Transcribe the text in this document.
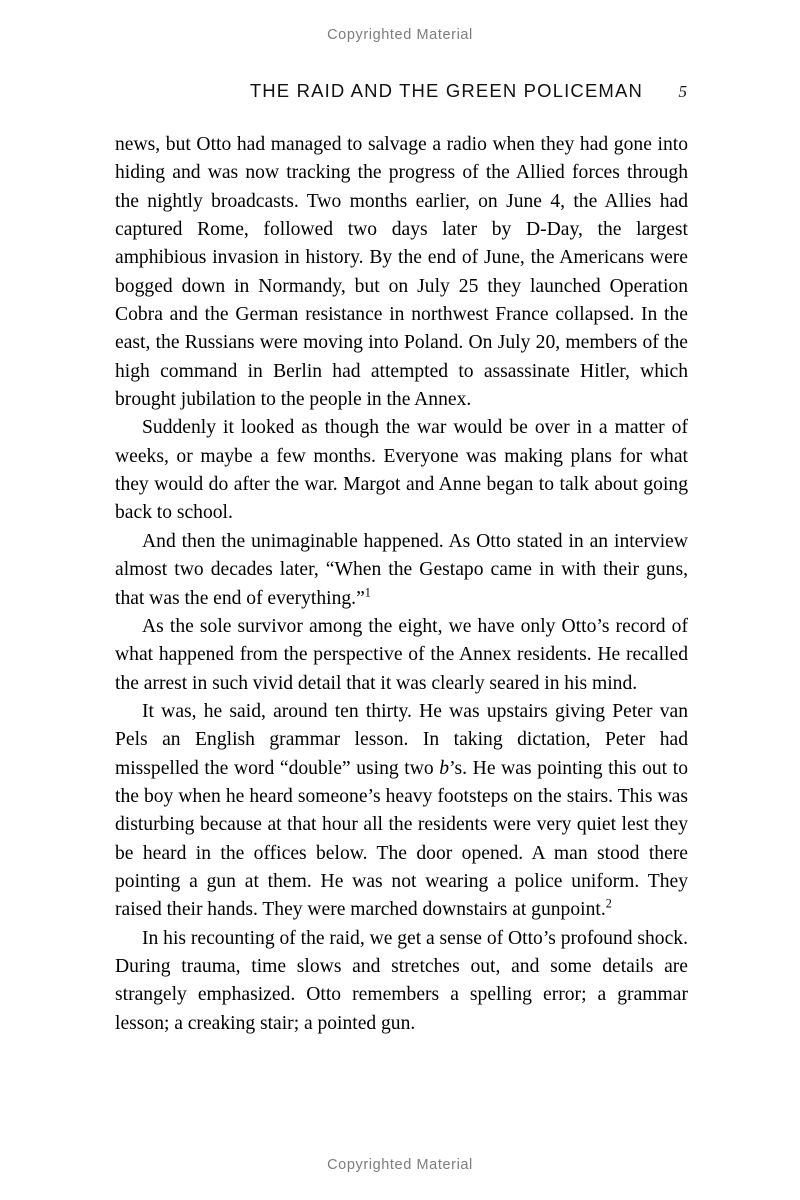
Copyrighted Material
THE RAID AND THE GREEN POLICEMAN 5

news, but Otto had managed to salvage a radio when they had gone into hiding and was now tracking the progress of the Allied forces through the nightly broadcasts. Two months earlier, on June 4, the Allies had captured Rome, followed two days later by D-Day, the largest amphibious invasion in history. By the end of June, the Americans were bogged down in Normandy, but on July 25 they launched Operation Cobra and the German resistance in northwest France collapsed. In the east, the Russians were moving into Poland. On July 20, members of the high command in Berlin had attempted to assassinate Hitler, which brought jubilation to the people in the Annex.

Suddenly it looked as though the war would be over in a matter of weeks, or maybe a few months. Everyone was making plans for what they would do after the war. Margot and Anne began to talk about going back to school.

And then the unimaginable happened. As Otto stated in an interview almost two decades later, “When the Gestapo came in with their guns, that was the end of everything.”$^1$

As the sole survivor among the eight, we have only Otto’s record of what happened from the perspective of the Annex residents. He recalled the arrest in such vivid detail that it was clearly seared in his mind.

It was, he said, around ten thirty. He was upstairs giving Peter van Pels an English grammar lesson. In taking dictation, Peter had misspelled the word “double” using two b’s. He was pointing this out to the boy when he heard someone’s heavy footsteps on the stairs. This was disturbing because at that hour all the residents were very quiet lest they be heard in the offices below. The door opened. A man stood there pointing a gun at them. He was not wearing a police uniform. They raised their hands. They were marched downstairs at gunpoint.$^2$

In his recounting of the raid, we get a sense of Otto’s profound shock. During trauma, time slows and stretches out, and some details are strangely emphasized. Otto remembers a spelling error; a grammar lesson; a creaking stair; a pointed gun.

Copyrighted Material
